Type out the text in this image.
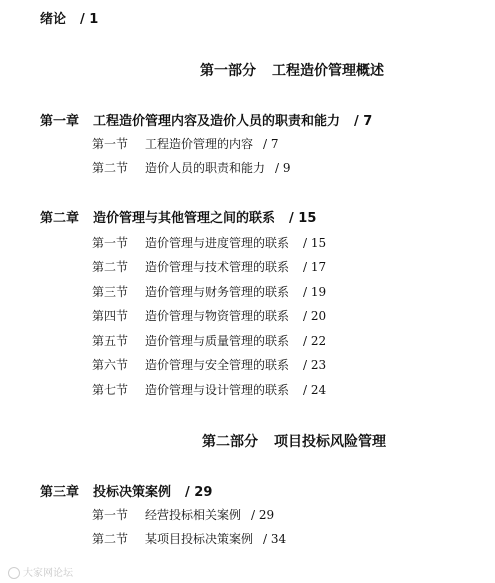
绪论 / 1
第一部分 工程造价管理概述
第一章 工程造价管理内容及造价人员的职责和能力 / 7
第一节 工程造价管理的内容 / 7
第二节 造价人员的职责和能力 / 9
第二章 造价管理与其他管理之间的联系 / 15
第一节 造价管理与进度管理的联系 / 15
第二节 造价管理与技术管理的联系 / 17
第三节 造价管理与财务管理的联系 / 19
第四节 造价管理与物资管理的联系 / 20
第五节 造价管理与质量管理的联系 / 22
第六节 造价管理与安全管理的联系 / 23
第七节 造价管理与设计管理的联系 / 24
第二部分 项目投标风险管理
第三章 投标决策案例 / 29
第一节 经营投标相关案例 / 29
第二节 某项目投标决策案例 / 34
大家网论坛
